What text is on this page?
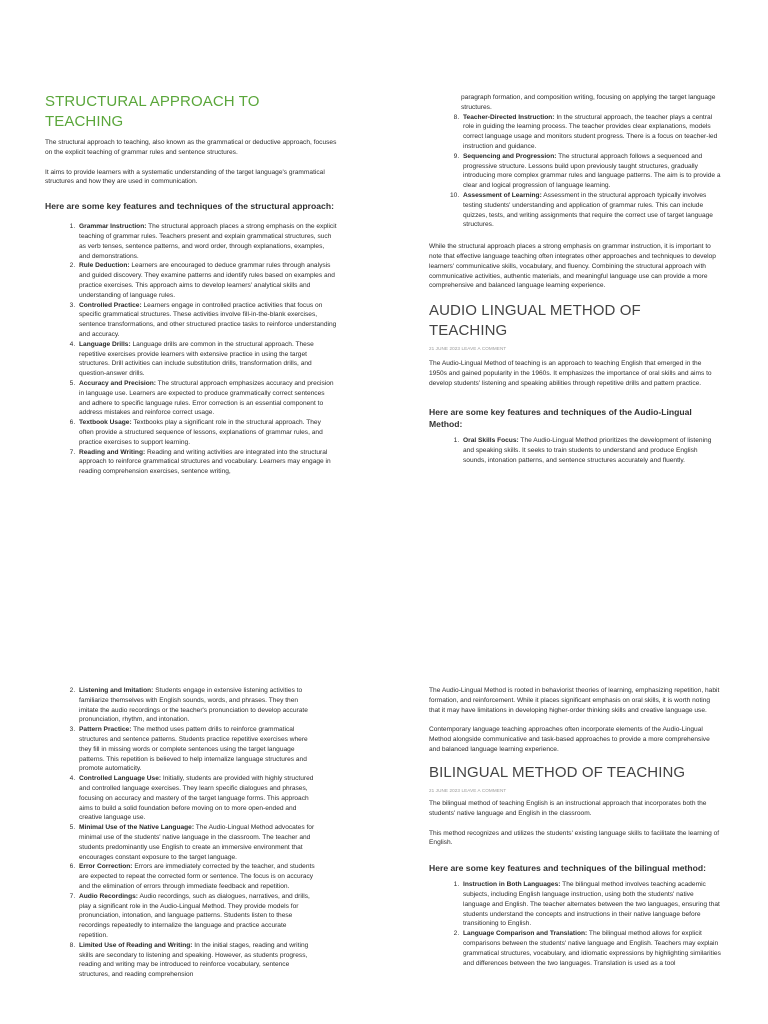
STRUCTURAL APPROACH TO
TEACHING

The structural approach to teaching, also known as the grammatical or deductive approach, focuses on the explicit teaching of grammar rules and sentence structures.

It aims to provide learners with a systematic understanding of the target language's grammatical structures and how they are used in communication.

Here are some key features and techniques of the structural approach:
1. Grammar Instruction: The structural approach places a strong emphasis on the explicit teaching of grammar rules. Teachers present and explain grammatical structures, such as verb tenses, sentence patterns, and word order, through explanations, examples, and demonstrations.
2. Rule Deduction: Learners are encouraged to deduce grammar rules through analysis and guided discovery. They examine patterns and identify rules based on examples and practice exercises. This approach aims to develop learners' analytical skills and understanding of language rules.
3. Controlled Practice: Learners engage in controlled practice activities that focus on specific grammatical structures. These activities involve fill-in-the-blank exercises, sentence transformations, and other structured practice tasks to reinforce understanding and accuracy.
4. Language Drills: Language drills are common in the structural approach. These repetitive exercises provide learners with extensive practice in using the target structures. Drill activities can include substitution drills, transformation drills, and question-answer drills.
5. Accuracy and Precision: The structural approach emphasizes accuracy and precision in language use. Learners are expected to produce grammatically correct sentences and adhere to specific language rules. Error correction is an essential component to address mistakes and reinforce correct usage.
6. Textbook Usage: Textbooks play a significant role in the structural approach. They often provide a structured sequence of lessons, explanations of grammar rules, and practice exercises to support learning.
7. Reading and Writing: Reading and writing activities are integrated into the structural approach to reinforce grammatical structures and vocabulary. Learners may engage in reading comprehension exercises, sentence writing,

paragraph formation, and composition writing, focusing on applying the target language structures.

8. Teacher-Directed Instruction: In the structural approach, the teacher plays a central role in guiding the learning process. The teacher provides clear explanations, models correct language usage and monitors student progress. There is a focus on teacher-led instruction and guidance.
9. Sequencing and Progression: The structural approach follows a sequenced and progressive structure. Lessons build upon previously taught structures, gradually introducing more complex grammar rules and language patterns. The aim is to provide a clear and logical progression of language learning.
10. Assessment of Learning: Assessment in the structural approach typically involves testing students' understanding and application of grammar rules. This can include quizzes, tests, and writing assignments that require the correct use of target language structures.

While the structural approach places a strong emphasis on grammar instruction, it is important to note that effective language teaching often integrates other approaches and techniques to develop learners' communicative skills, vocabulary, and fluency. Combining the structural approach with communicative activities, authentic materials, and meaningful language use can provide a more comprehensive and balanced language learning experience.

AUDIO LINGUAL METHOD OF
TEACHING

21 JUNE 2023 LEAVE A COMMENT

The Audio-Lingual Method of teaching is an approach to teaching English that emerged in the 1950s and gained popularity in the 1960s. It emphasizes the importance of oral skills and aims to develop students' listening and speaking abilities through repetitive drills and pattern practice.

Here are some key features and techniques of the Audio-Lingual Method:
1. Oral Skills Focus: The Audio-Lingual Method prioritizes the development of listening and speaking skills. It seeks to train students to understand and produce English sounds, intonation patterns, and sentence structures accurately and fluently.
2. Listening and Imitation: Students engage in extensive listening activities to familiarize themselves with English sounds, words, and phrases. They then imitate the audio recordings or the teacher's pronunciation to develop accurate pronunciation, rhythm, and intonation.
3. Pattern Practice: The method uses pattern drills to reinforce grammatical structures and sentence patterns. Students practice repetitive exercises where they fill in missing words or complete sentences using the target language patterns. This repetition is believed to help internalize language structures and promote automaticity.
4. Controlled Language Use: Initially, students are provided with highly structured and controlled language exercises. They learn specific dialogues and phrases, focusing on accuracy and mastery of the target language forms. This approach aims to build a solid foundation before moving on to more open-ended and creative language use.
5. Minimal Use of the Native Language: The Audio-Lingual Method advocates for minimal use of the students' native language in the classroom. The teacher and students predominantly use English to create an immersive environment that encourages constant exposure to the target language.
6. Error Correction: Errors are immediately corrected by the teacher, and students are expected to repeat the corrected form or sentence. The focus is on accuracy and the elimination of errors through immediate feedback and repetition.
7. Audio Recordings: Audio recordings, such as dialogues, narratives, and drills, play a significant role in the Audio-Lingual Method. They provide models for pronunciation, intonation, and language patterns. Students listen to these recordings repeatedly to internalize the language and practice accurate repetition.
8. Limited Use of Reading and Writing: In the initial stages, reading and writing skills are secondary to listening and speaking. However, as students progress, reading and writing may be introduced to reinforce vocabulary, sentence structures, and reading comprehension

The Audio-Lingual Method is rooted in behaviorist theories of learning, emphasizing repetition, habit formation, and reinforcement. While it places significant emphasis on oral skills, it is worth noting that it may have limitations in developing higher-order thinking skills and creative language use.

Contemporary language teaching approaches often incorporate elements of the Audio-Lingual Method alongside communicative and task-based approaches to provide a more comprehensive and balanced language learning experience.

BILINGUAL METHOD OF TEACHING

21 JUNE 2023 LEAVE A COMMENT

The bilingual method of teaching English is an instructional approach that incorporates both the students' native language and English in the classroom.

This method recognizes and utilizes the students' existing language skills to facilitate the learning of English.

Here are some key features and techniques of the bilingual method:
1. Instruction in Both Languages: The bilingual method involves teaching academic subjects, including English language instruction, using both the students' native language and English. The teacher alternates between the two languages, ensuring that students understand the concepts and instructions in their native language before transitioning to English.
2. Language Comparison and Translation: The bilingual method allows for explicit comparisons between the students' native language and English. Teachers may explain grammatical structures, vocabulary, and idiomatic expressions by highlighting similarities and differences between the two languages. Translation is used as a tool
